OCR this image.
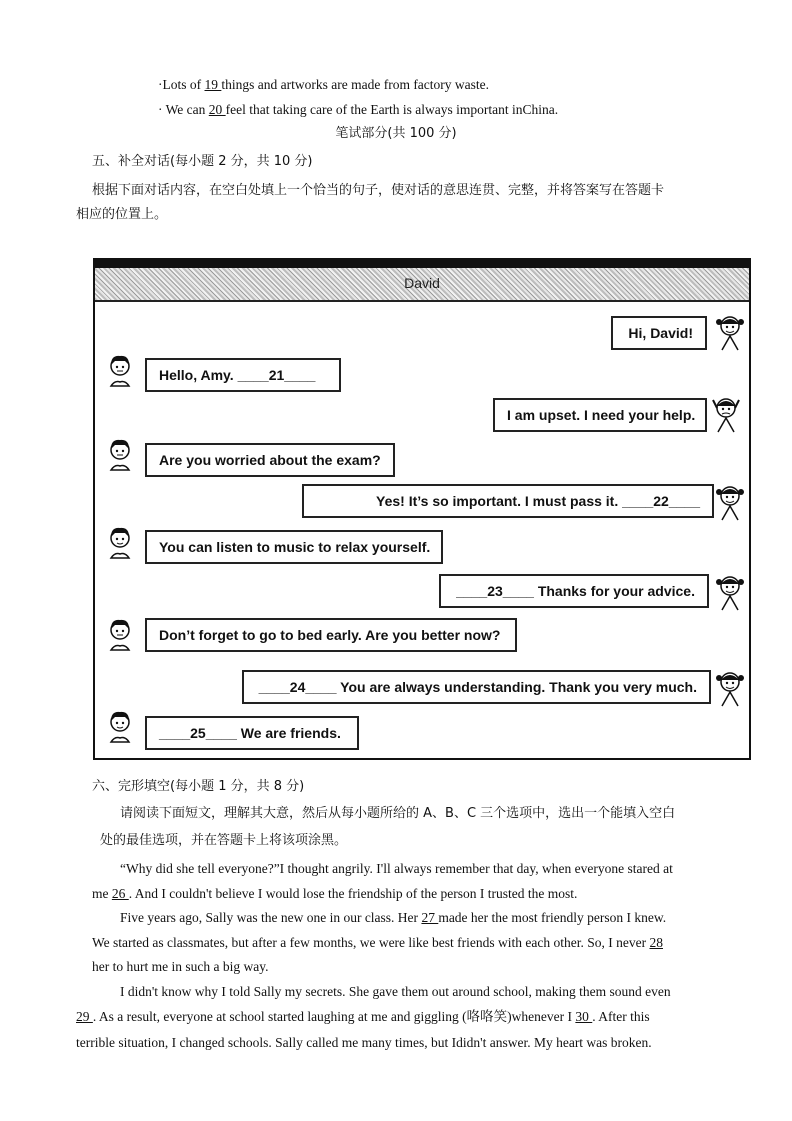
·Lots of 19 things and artworks are made from factory waste.
· We can 20 feel that taking care of the Earth is always important inChina.
笔试部分(共 100 分)
五、补全对话(每小题 2 分，共 10 分)
根据下面对话内容，在空白处填上一个恰当的句子，使对话的意思连贯、完整，并将答案写在答题卡
相应的位置上。
David
Hi, David!
Hello, Amy. ____21____
I am upset. I need your help.
Are you worried about the exam?
Yes! It’s so important. I must pass it. ____22____
You can listen to music to relax yourself.
____23____ Thanks for your advice.
Don’t forget to go to bed early. Are you better now?
____24____ You are always understanding. Thank you very much.
____25____ We are friends.
六、完形填空(每小题 1 分，共 8 分)
请阅读下面短文，理解其大意，然后从每小题所给的 A、B、C 三个选项中，选出一个能填入空白
处的最佳选项，并在答题卡上将该项涂黑。
“Why did she tell everyone?”I thought angrily. I'll always remember that day, when everyone stared at
me 26 . And I couldn't believe I would lose the friendship of the person I trusted the most.
Five years ago, Sally was the new one in our class. Her 27 made her the most friendly person I knew.
We started as classmates, but after a few months, we were like best friends with each other. So, I never 28
her to hurt me in such a big way.
I didn't know why I told Sally my secrets. She gave them out around school, making them sound even
29 . As a result, everyone at school started laughing at me and giggling (咯咯笑)whenever I 30 . After this
terrible situation, I changed schools. Sally called me many times, but Ididn't answer. My heart was broken.
